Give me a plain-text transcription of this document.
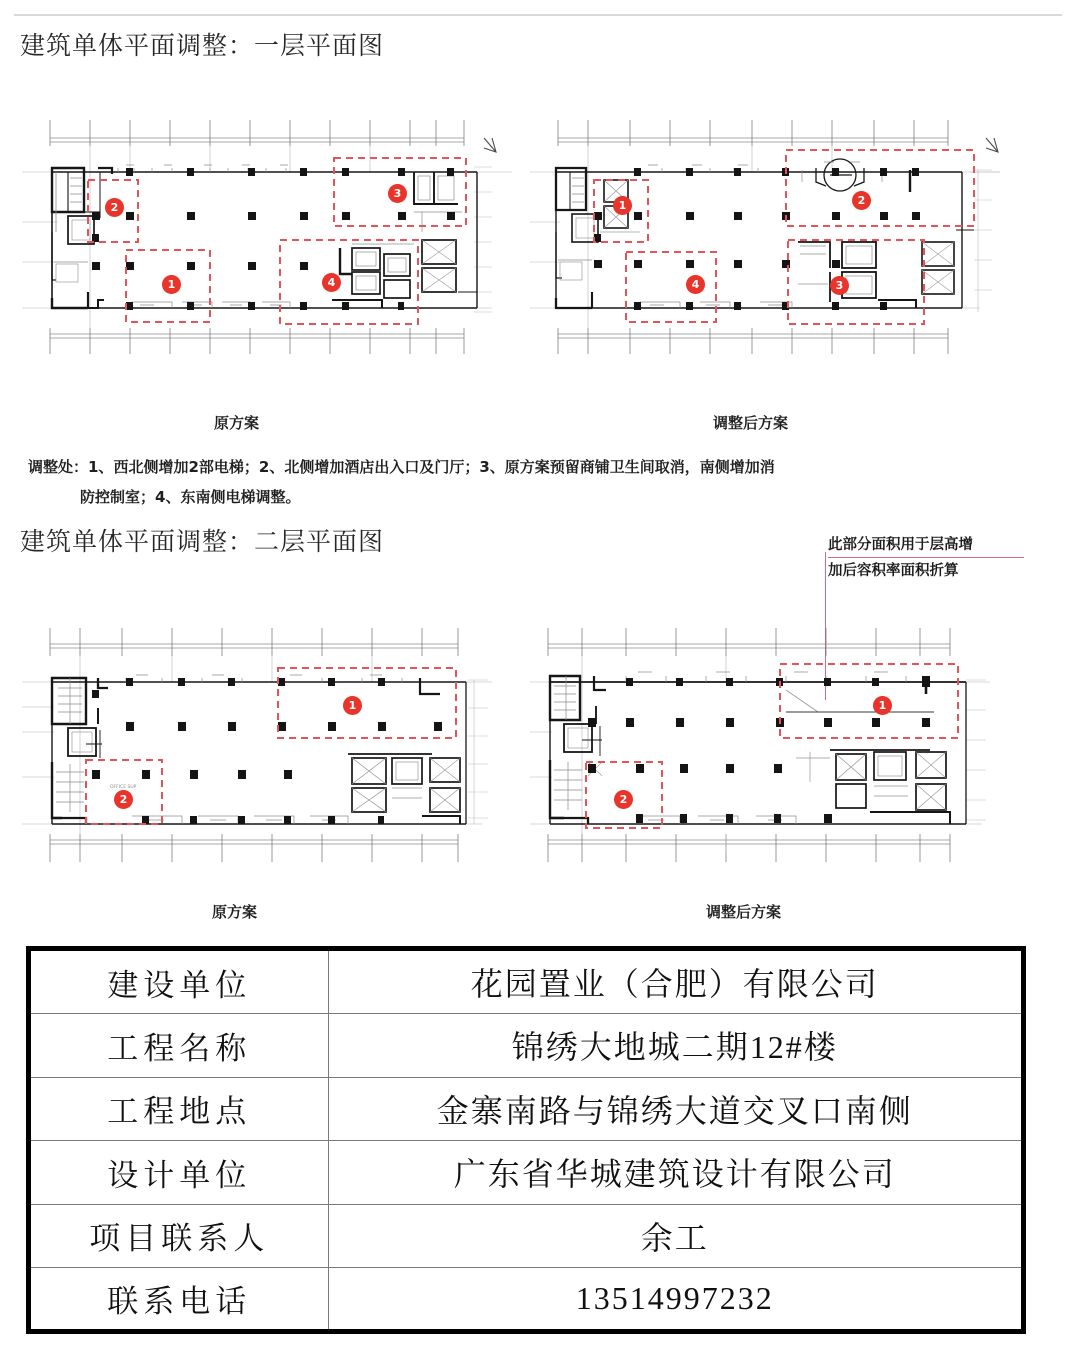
建筑单体平面调整：一层平面图
2
1	4
3
1	2
4	3
原方案	调整后方案
调整处：1、西北侧增加2部电梯；2、北侧增加酒店出入口及门厅；3、原方案预留商铺卫生间取消，南侧增加消
防控制室；4、东南侧电梯调整。
建筑单体平面调整：二层平面图	此部分面积用于层高增
加后容积率面积折算
OFFICE SUP
1
2
1
2
原方案	调整后方案
建设单位	花园置业（合肥）有限公司
工程名称	锦绣大地城二期12#楼
工程地点	金寨南路与锦绣大道交叉口南侧
设计单位	广东省华城建筑设计有限公司
项目联系人	余工
联系电话	13514997232
